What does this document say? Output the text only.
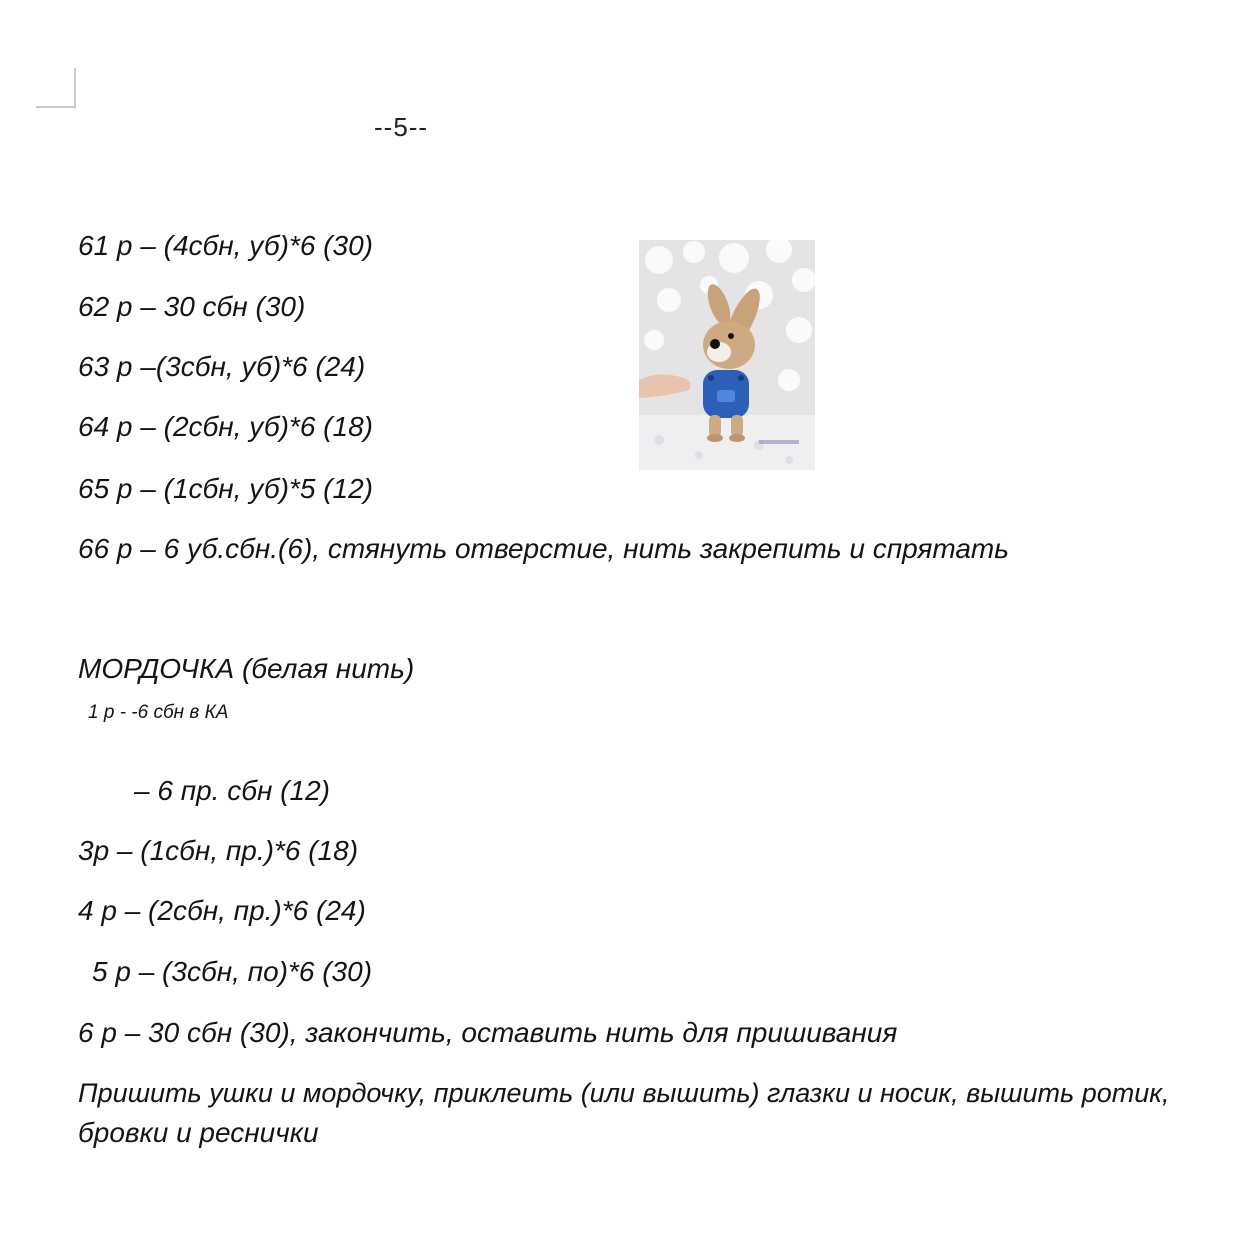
--5--
61 р – (4сбн, уб)*6 (30)
62 р – 30 сбн (30)
63 р –(3сбн, уб)*6 (24)
64 р – (2сбн, уб)*6 (18)
65 р – (1сбн, уб)*5 (12)
66 р – 6 уб.сбн.(6), стянуть отверстие, нить закрепить и спрятать
МОРДОЧКА (белая нить)
1 р - -6 сбн в КА
– 6 пр. сбн (12)
3р – (1сбн, пр.)*6 (18)
4 р – (2сбн, пр.)*6 (24)
5 р – (3сбн, по)*6 (30)
6 р – 30 сбн (30), закончить, оставить нить для пришивания
Пришить ушки и мордочку, приклеить (или вышить) глазки и носик, вышить ротик,
бровки и реснички
